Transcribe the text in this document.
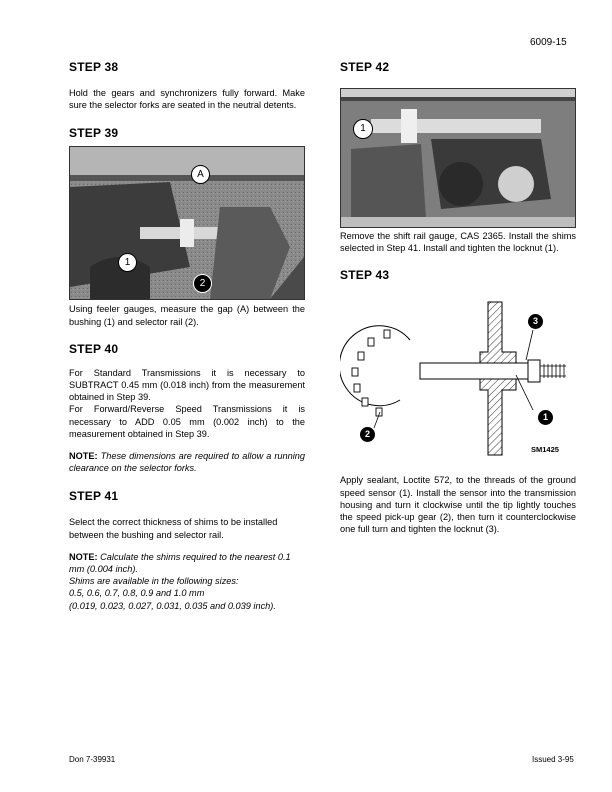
6009-15
STEP 38
Hold the gears and synchronizers fully forward. Make sure the selector forks are seated in the neutral detents.
STEP 39
A
1
2
Using feeler gauges, measure the gap (A) between the bushing (1) and selector rail (2).
STEP 40
For Standard Transmissions it is necessary to SUBTRACT 0.45 mm (0.018 inch) from the measurement obtained in Step 39.
For Forward/Reverse Speed Transmissions it is necessary to ADD 0.05 mm (0.002 inch) to the measurement obtained in Step 39.
NOTE: These dimensions are required to allow a running clearance on the selector forks.
STEP 41
Select the correct thickness of shims to be installed between the bushing and selector rail.
NOTE: Calculate the shims required to the nearest 0.1 mm (0.004 inch).
Shims are available in the following sizes:
0.5, 0.6, 0.7, 0.8, 0.9 and 1.0 mm
(0.019, 0.023, 0.027, 0.031, 0.035 and 0.039 inch).
STEP 42
1
Remove the shift rail gauge, CAS 2365. Install the shims selected in Step 41. Install and tighten the locknut (1).
STEP 43
3
1
2
SM1425
Apply sealant, Loctite 572, to the threads of the ground speed sensor (1). Install the sensor into the transmission housing and turn it clockwise until the tip lightly touches the speed pick-up gear (2), then turn it counterclockwise one full turn and tighten the locknut (3).
Don 7-39931	Issued 3-95
